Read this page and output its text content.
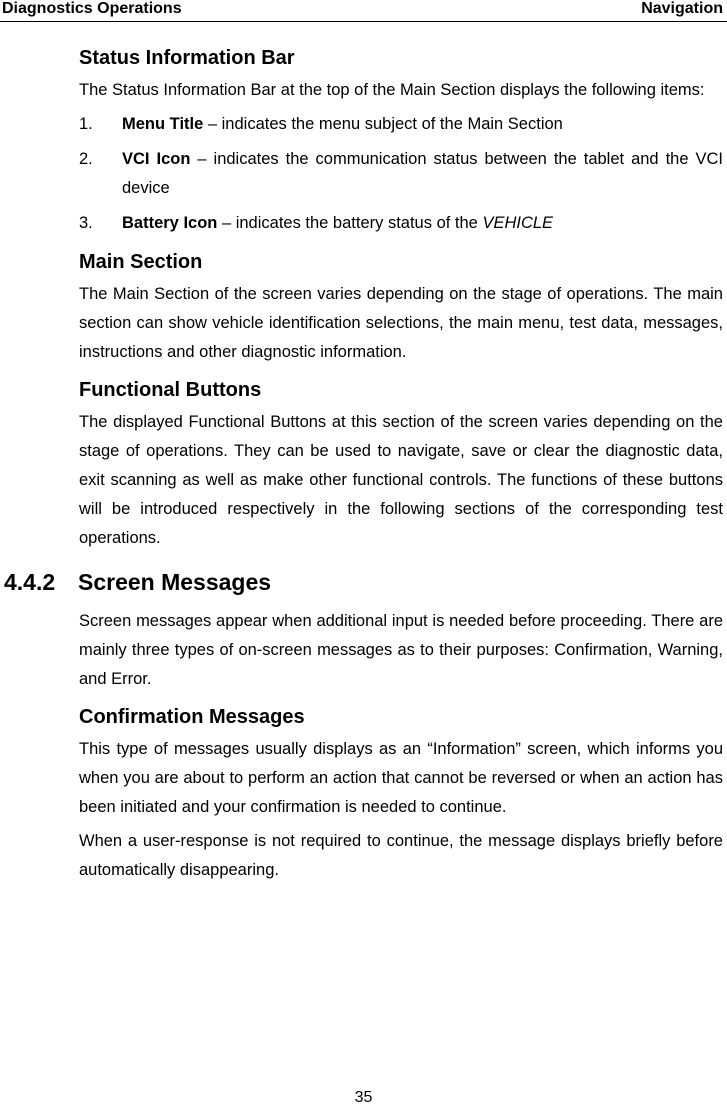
Diagnostics Operations	Navigation
Status Information Bar

The Status Information Bar at the top of the Main Section displays the following items:

1. Menu Title – indicates the menu subject of the Main Section
2. VCI Icon – indicates the communication status between the tablet and the VCI device
3. Battery Icon – indicates the battery status of the VEHICLE
Main Section

The Main Section of the screen varies depending on the stage of operations. The main section can show vehicle identification selections, the main menu, test data, messages, instructions and other diagnostic information.

Functional Buttons

The displayed Functional Buttons at this section of the screen varies depending on the stage of operations. They can be used to navigate, save or clear the diagnostic data, exit scanning as well as make other functional controls. The functions of these buttons will be introduced respectively in the following sections of the corresponding test operations.

4.4.2 Screen Messages

Screen messages appear when additional input is needed before proceeding. There are mainly three types of on-screen messages as to their purposes: Confirmation, Warning, and Error.

Confirmation Messages

This type of messages usually displays as an “Information” screen, which informs you when you are about to perform an action that cannot be reversed or when an action has been initiated and your confirmation is needed to continue.

When a user-response is not required to continue, the message displays briefly before automatically disappearing.

35
